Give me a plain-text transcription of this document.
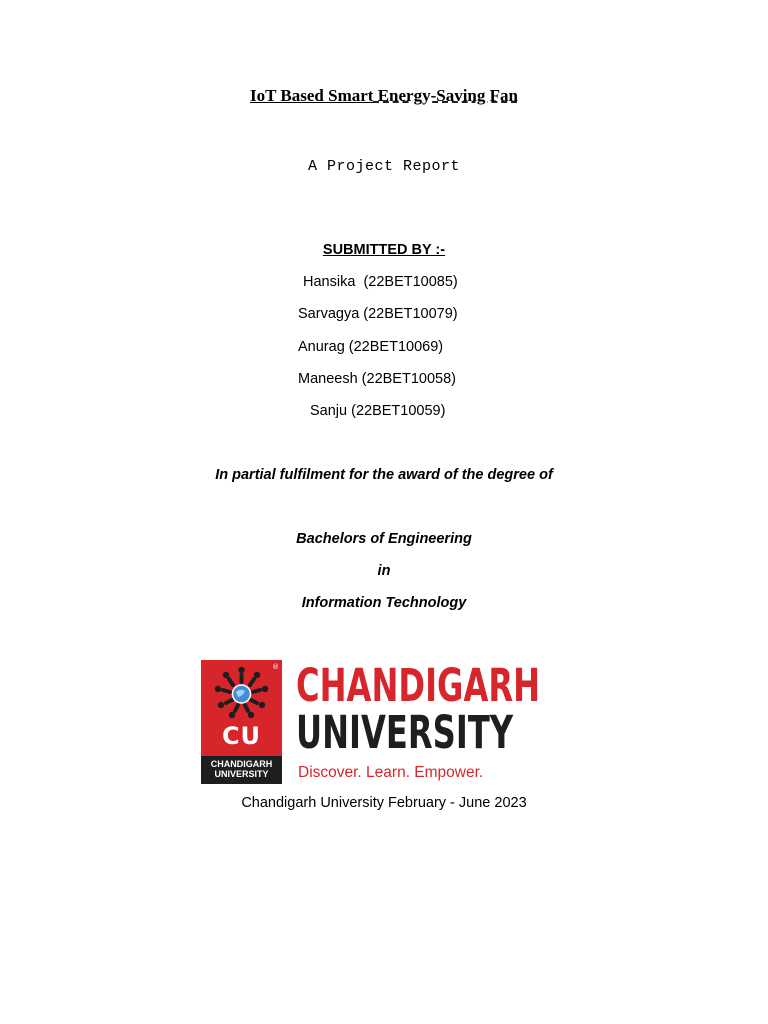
IoT Based Smart Energy-Saving Fan
A Project Report
SUBMITTED BY :-
Hansika  (22BET10085)
Sarvagya (22BET10079)
Anurag (22BET10069)
Maneesh (22BET10058)
Sanju (22BET10059)
In partial fulfilment for the award of the degree of
Bachelors of Engineering
in
Information Technology
®
CU
CHANDIGARH
UNIVERSITY
CHANDIGARH
UNIVERSITY
Discover. Learn. Empower.
Chandigarh University February - June 2023
